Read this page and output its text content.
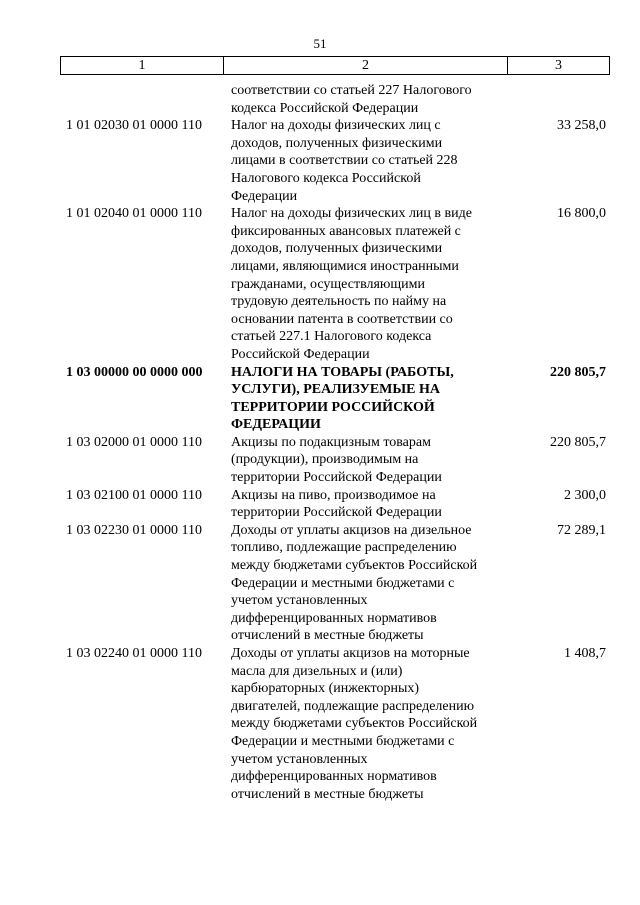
51
1	2	3
соответствии со статьей 227 Налогового
кодекса Российской Федерации
1 01 02030 01 0000 110 Налог на доходы физических лиц с
доходов, полученных физическими
лицами в соответствии со статьей 228
Налогового кодекса Российской
Федерации
33 258,0
1 01 02040 01 0000 110 Налог на доходы физических лиц в виде
фиксированных авансовых платежей с
доходов, полученных физическими
лицами, являющимися иностранными
гражданами, осуществляющими
трудовую деятельность по найму на
основании патента в соответствии со
статьей 227.1 Налогового кодекса
Российской Федерации
16 800,0
1 03 00000 00 0000 000 НАЛОГИ НА ТОВАРЫ (РАБОТЫ,
УСЛУГИ), РЕАЛИЗУЕМЫЕ НА
ТЕРРИТОРИИ РОССИЙСКОЙ
ФЕДЕРАЦИИ
220 805,7
1 03 02000 01 0000 110 Акцизы по подакцизным товарам
(продукции), производимым на
территории Российской Федерации
220 805,7
1 03 02100 01 0000 110 Акцизы на пиво, производимое на
территории Российской Федерации
2 300,0
1 03 02230 01 0000 110 Доходы от уплаты акцизов на дизельное
топливо, подлежащие распределению
между бюджетами субъектов Российской
Федерации и местными бюджетами с
учетом установленных
дифференцированных нормативов
отчислений в местные бюджеты
72 289,1
1 03 02240 01 0000 110 Доходы от уплаты акцизов на моторные
масла для дизельных и (или)
карбюраторных (инжекторных)
двигателей, подлежащие распределению
между бюджетами субъектов Российской
Федерации и местными бюджетами с
учетом установленных
дифференцированных нормативов
отчислений в местные бюджеты
1 408,7
